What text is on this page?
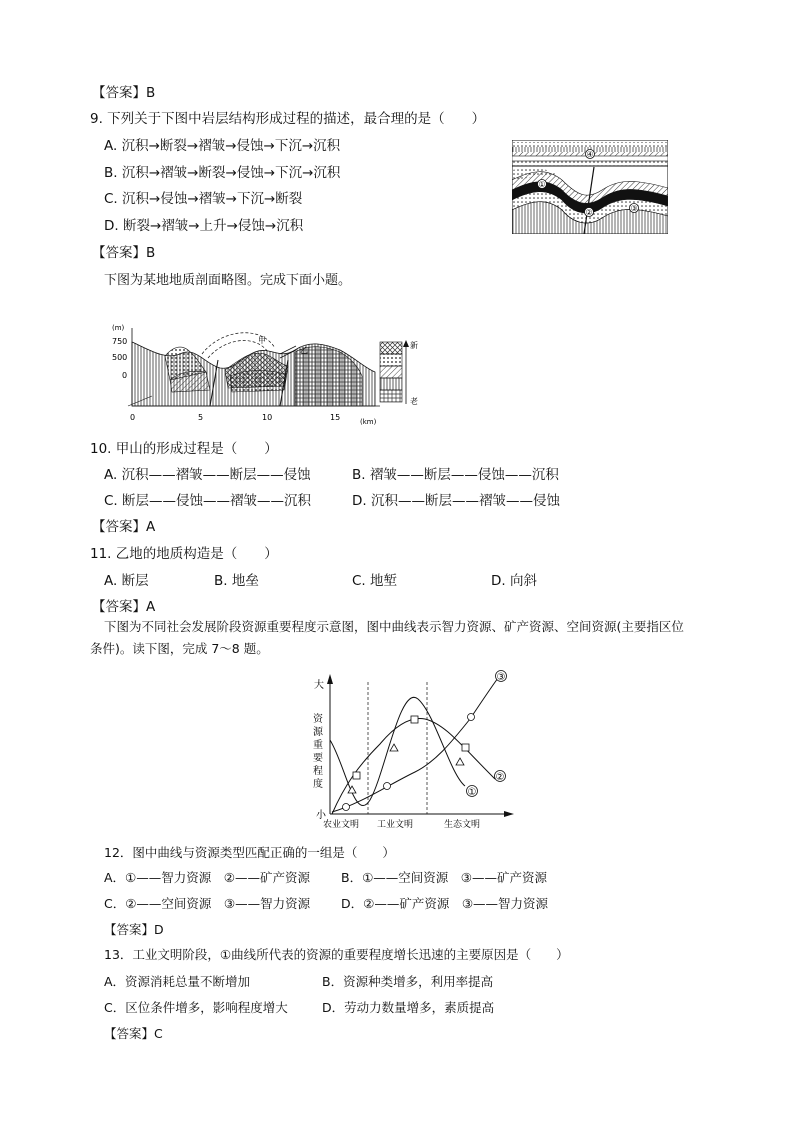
【答案】B
9. 下列关于下图中岩层结构形成过程的描述，最合理的是（　　）
A. 沉积→断裂→褶皱→侵蚀→下沉→沉积
B. 沉积→褶皱→断裂→侵蚀→下沉→沉积
C. 沉积→侵蚀→褶皱→下沉→断裂
D. 断裂→褶皱→上升→侵蚀→沉积
④
①
②	③
【答案】B
下图为某地地质剖面略图。完成下面小题。
(m)
750
500
0
甲
乙
0	5	10	15	(km)
新
老
10. 甲山的形成过程是（　　）
A. 沉积——褶皱——断层——侵蚀	B. 褶皱——断层——侵蚀——沉积
C. 断层——侵蚀——褶皱——沉积	D. 沉积——断层——褶皱——侵蚀
【答案】A
11. 乙地的地质构造是（　　）
A. 断层	B. 地垒	C. 地堑	D. 向斜
【答案】A
下图为不同社会发展阶段资源重要程度示意图，图中曲线表示智力资源、矿产资源、空间资源(主要指区位
条件)。读下图，完成 7～8 题。
大
小
资 源 重 要 程 度
农业文明 工业文明	生态文明
①
②
③
12．图中曲线与资源类型匹配正确的一组是（　　）
A．①——智力资源　②——矿产资源 B．①——空间资源　③——矿产资源
C．②——空间资源　③——智力资源 D．②——矿产资源　③——智力资源
【答案】D
13．工业文明阶段，①曲线所代表的资源的重要程度增长迅速的主要原因是（　　）
A．资源消耗总量不断增加	B．资源种类增多，利用率提高
C．区位条件增多，影响程度增大	D．劳动力数量增多，素质提高
【答案】C
